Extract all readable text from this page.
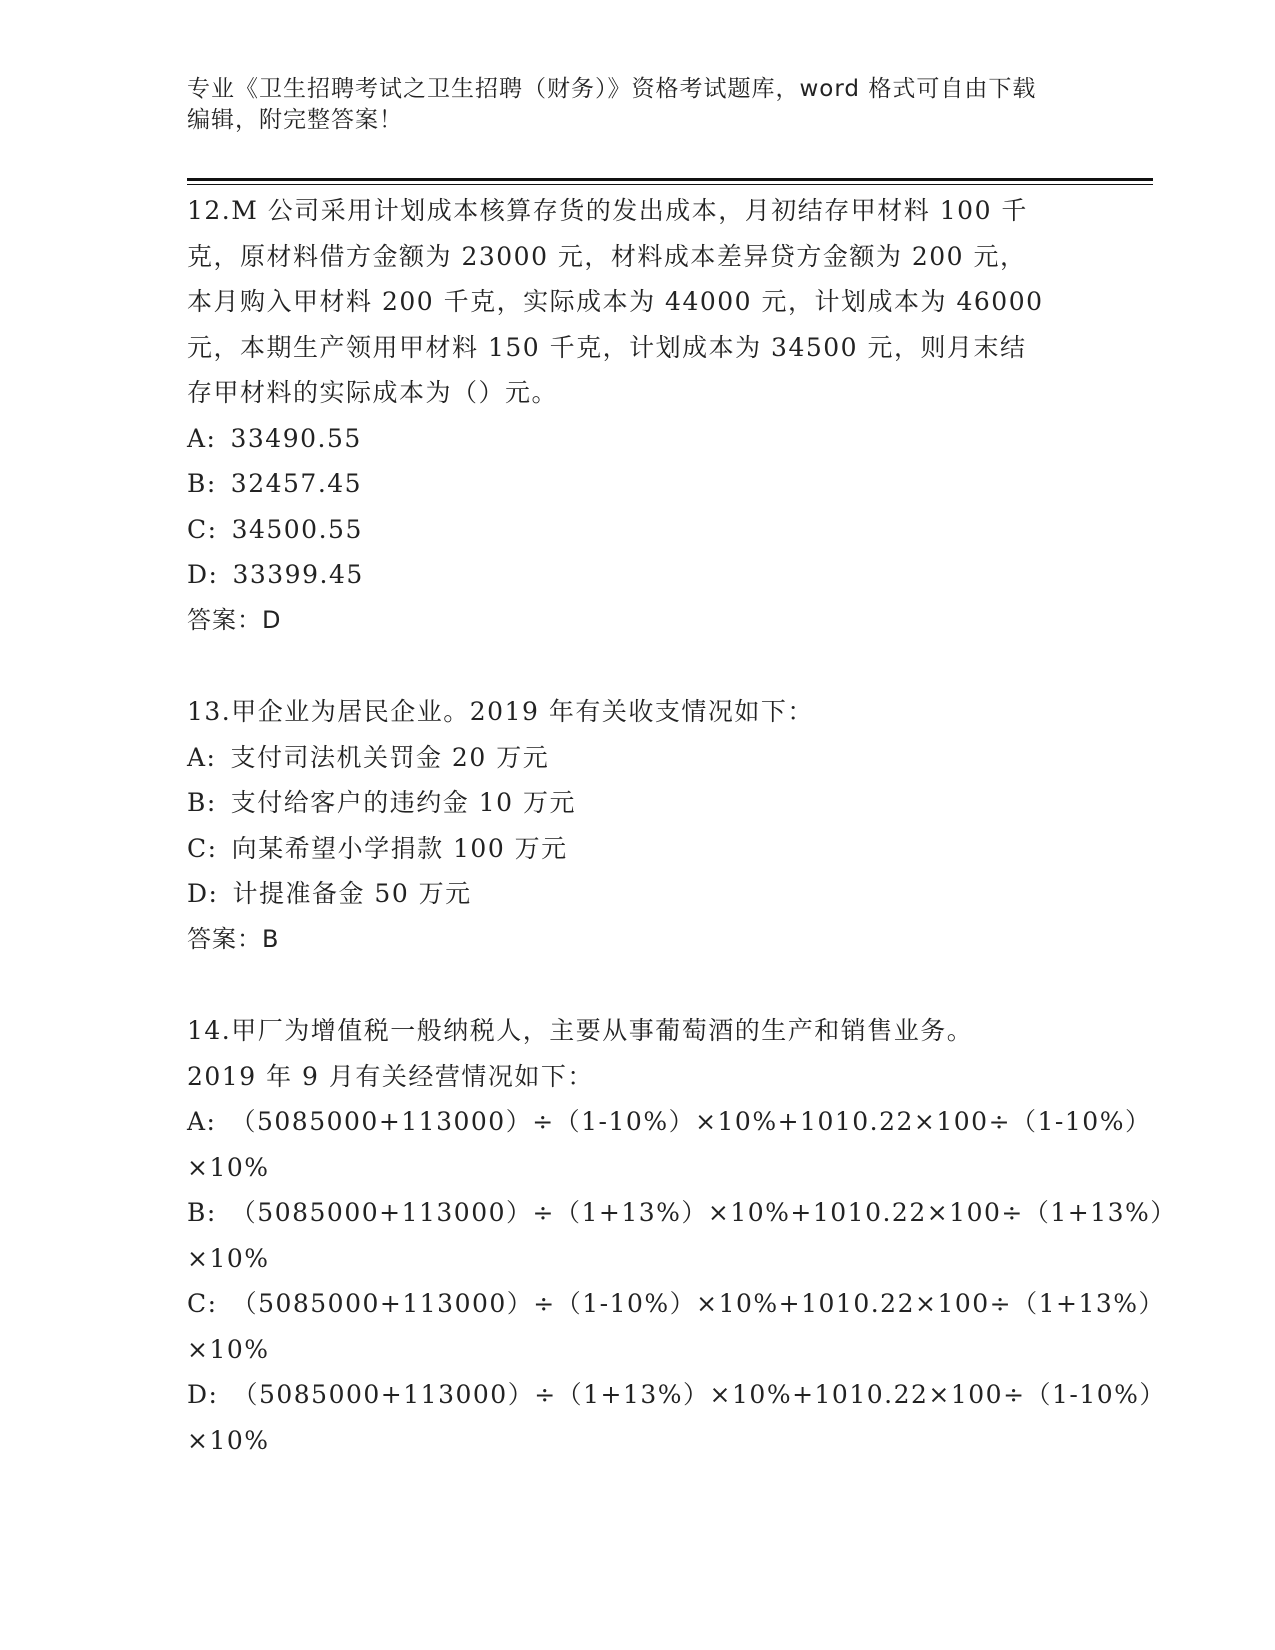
专业《卫生招聘考试之卫生招聘（财务）》资格考试题库，word 格式可自由下载
编辑，附完整答案！
12.M 公司采用计划成本核算存货的发出成本，月初结存甲材料 100 千
克，原材料借方金额为 23000 元，材料成本差异贷方金额为 200 元，
本月购入甲材料 200 千克，实际成本为 44000 元，计划成本为 46000
元，本期生产领用甲材料 150 千克，计划成本为 34500 元，则月末结
存甲材料的实际成本为（）元。
A:  33490.55
B:  32457.45
C:  34500.55
D:  33399.45
答案：D
13.甲企业为居民企业。2019 年有关收支情况如下：
A:  支付司法机关罚金 20 万元
B:  支付给客户的违约金 10 万元
C:  向某希望小学捐款 100 万元
D:  计提准备金 50 万元
答案：B
14.甲厂为增值税一般纳税人，主要从事葡萄酒的生产和销售业务。
2019 年 9 月有关经营情况如下：
A:  （5085000+113000）÷（1-10%）×10%+1010.22×100÷（1-10%）
×10%
B:  （5085000+113000）÷（1+13%）×10%+1010.22×100÷（1+13%）
×10%
C:  （5085000+113000）÷（1-10%）×10%+1010.22×100÷（1+13%）
×10%
D:  （5085000+113000）÷（1+13%）×10%+1010.22×100÷（1-10%）
×10%
